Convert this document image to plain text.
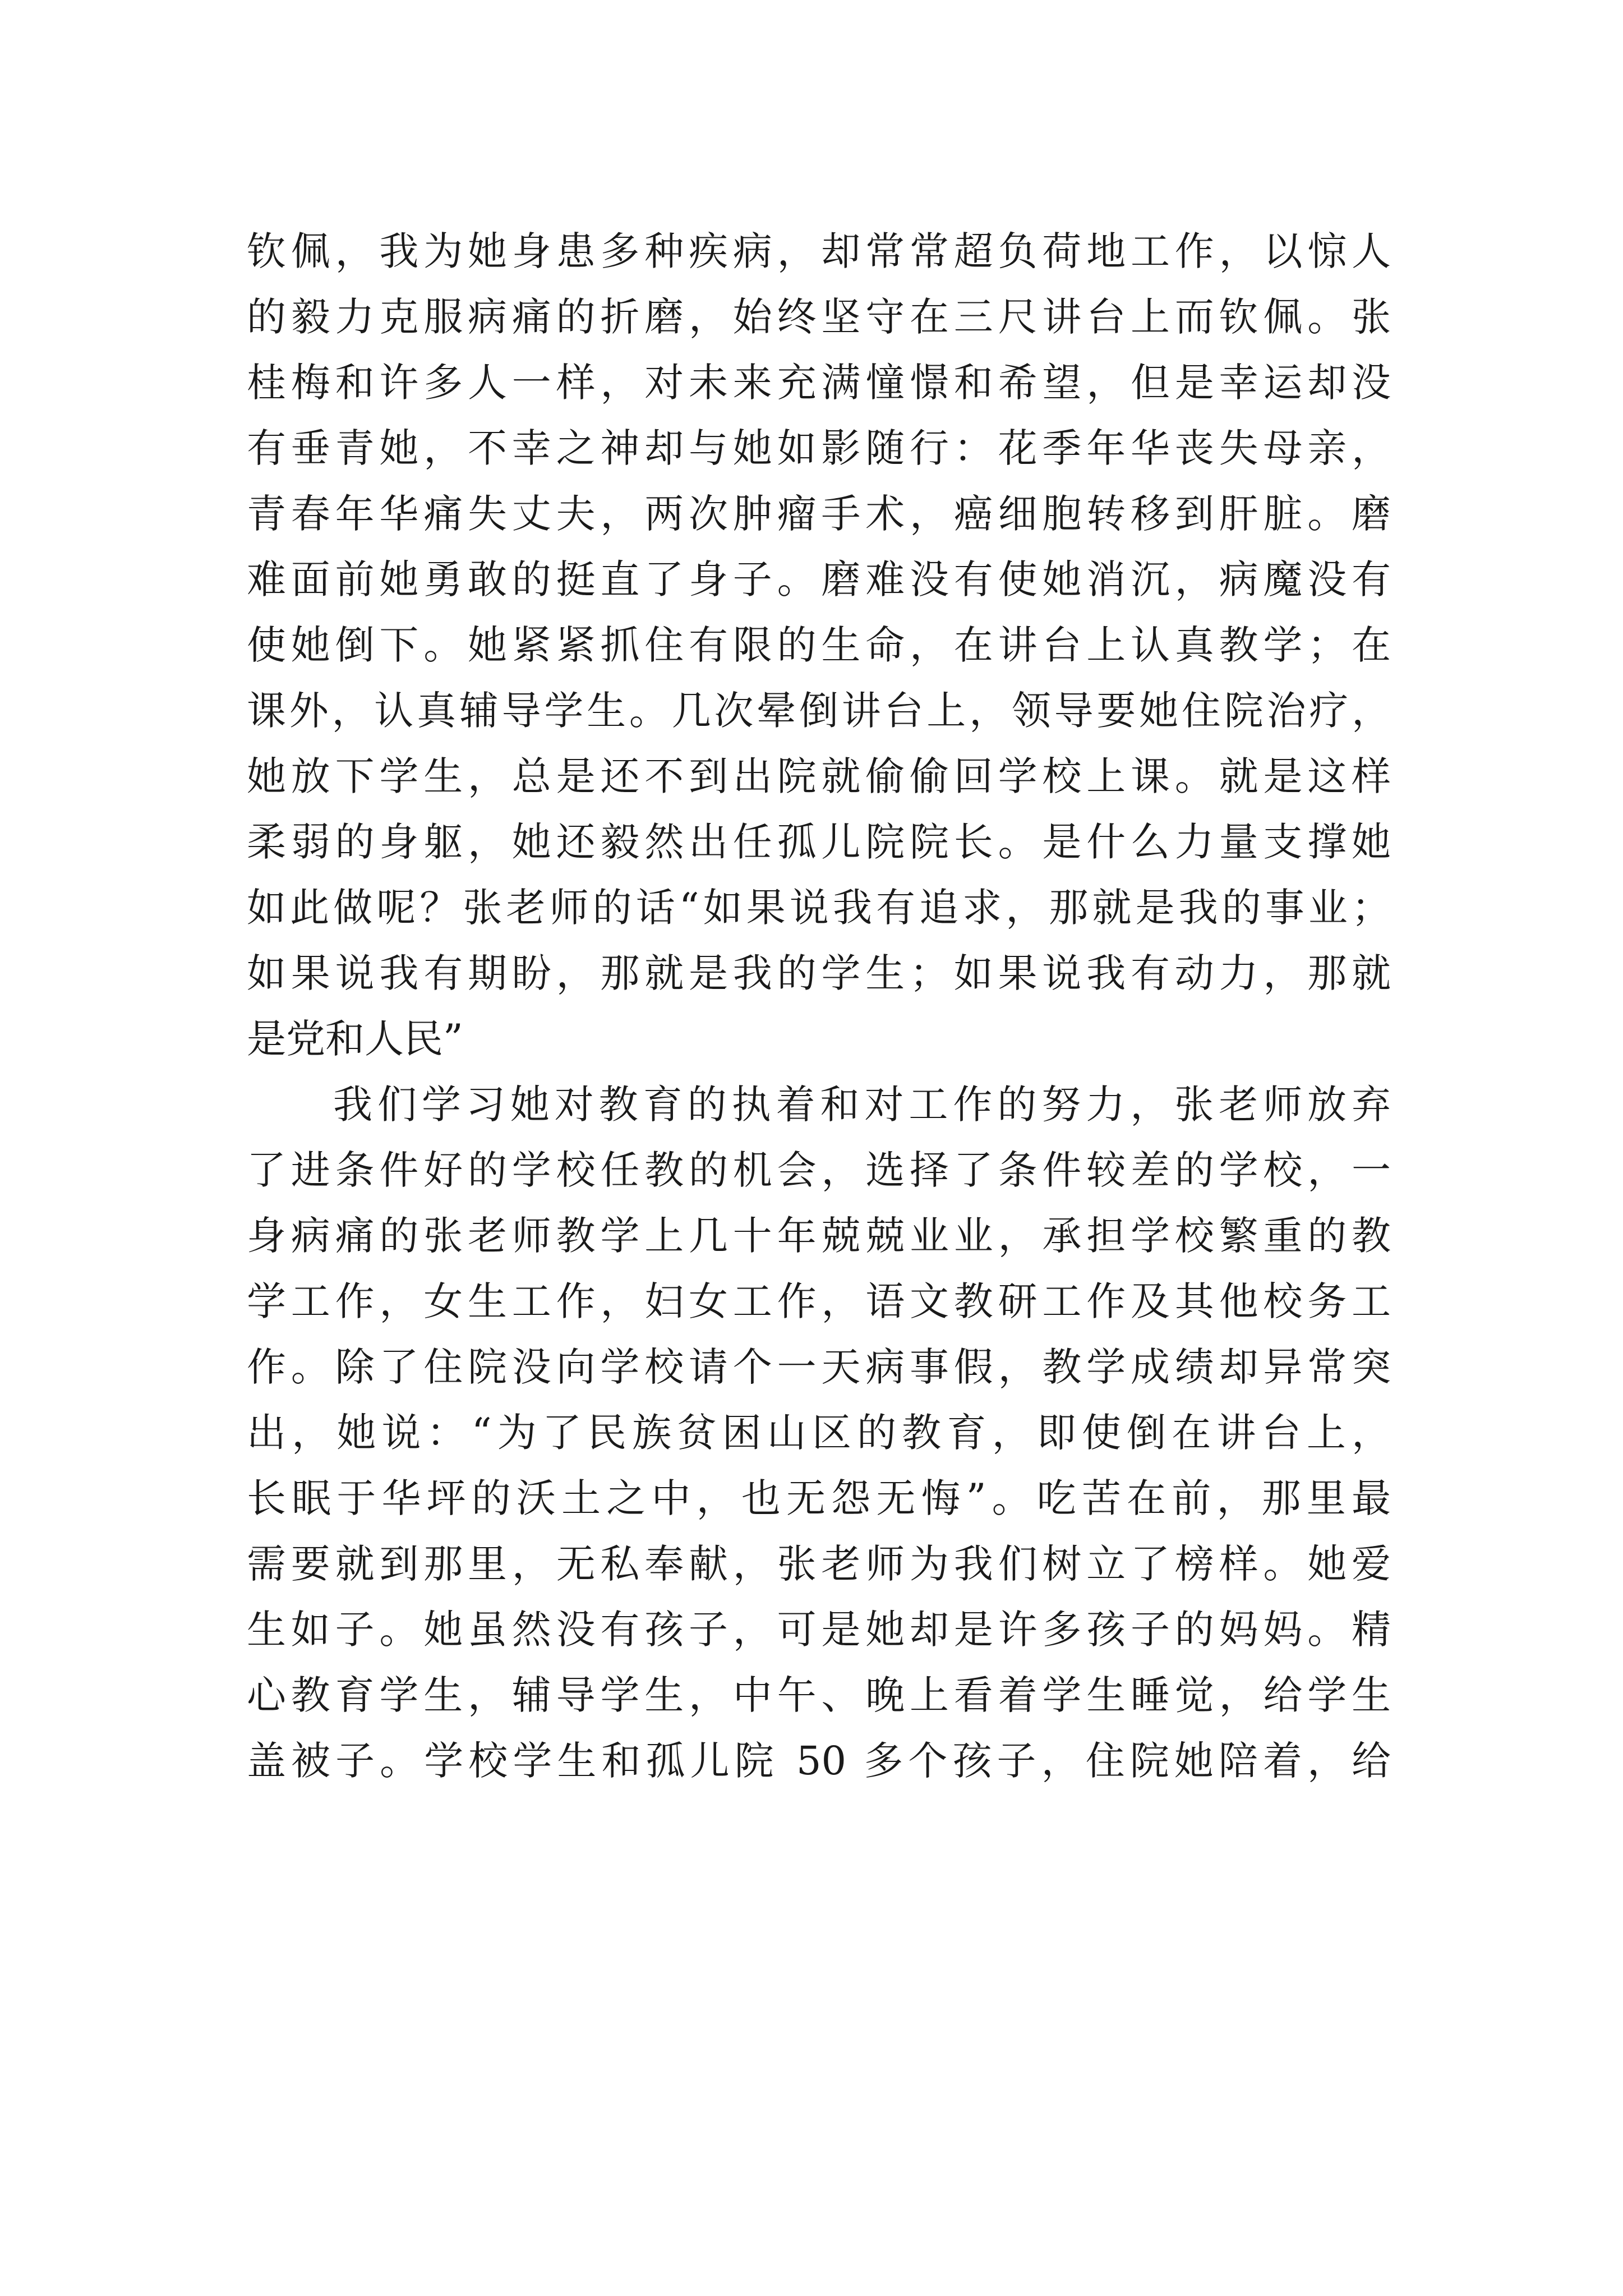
钦佩，我为她身患多种疾病，却常常超负荷地工作，以惊人
的毅力克服病痛的折磨，始终坚守在三尺讲台上而钦佩。张
桂梅和许多人一样，对未来充满憧憬和希望，但是幸运却没
有垂青她，不幸之神却与她如影随行：花季年华丧失母亲，
青春年华痛失丈夫，两次肿瘤手术，癌细胞转移到肝脏。磨
难面前她勇敢的挺直了身子。磨难没有使她消沉，病魔没有
使她倒下。她紧紧抓住有限的生命，在讲台上认真教学；在
课外，认真辅导学生。几次晕倒讲台上，领导要她住院治疗，
她放下学生，总是还不到出院就偷偷回学校上课。就是这样
柔弱的身躯，她还毅然出任孤儿院院长。是什么力量支撑她
如此做呢？张老师的话“如果说我有追求，那就是我的事业；
如果说我有期盼，那就是我的学生；如果说我有动力，那就
是党和人民”
我们学习她对教育的执着和对工作的努力，张老师放弃
了进条件好的学校任教的机会，选择了条件较差的学校，一
身病痛的张老师教学上几十年兢兢业业，承担学校繁重的教
学工作，女生工作，妇女工作，语文教研工作及其他校务工
作。除了住院没向学校请个一天病事假，教学成绩却异常突
出，她说：“为了民族贫困山区的教育，即使倒在讲台上，
长眠于华坪的沃土之中，也无怨无悔”。吃苦在前，那里最
需要就到那里，无私奉献，张老师为我们树立了榜样。她爱
生如子。她虽然没有孩子，可是她却是许多孩子的妈妈。精
心教育学生，辅导学生，中午、晚上看着学生睡觉，给学生
盖被子。学校学生和孤儿院 50 多个孩子，住院她陪着，给
